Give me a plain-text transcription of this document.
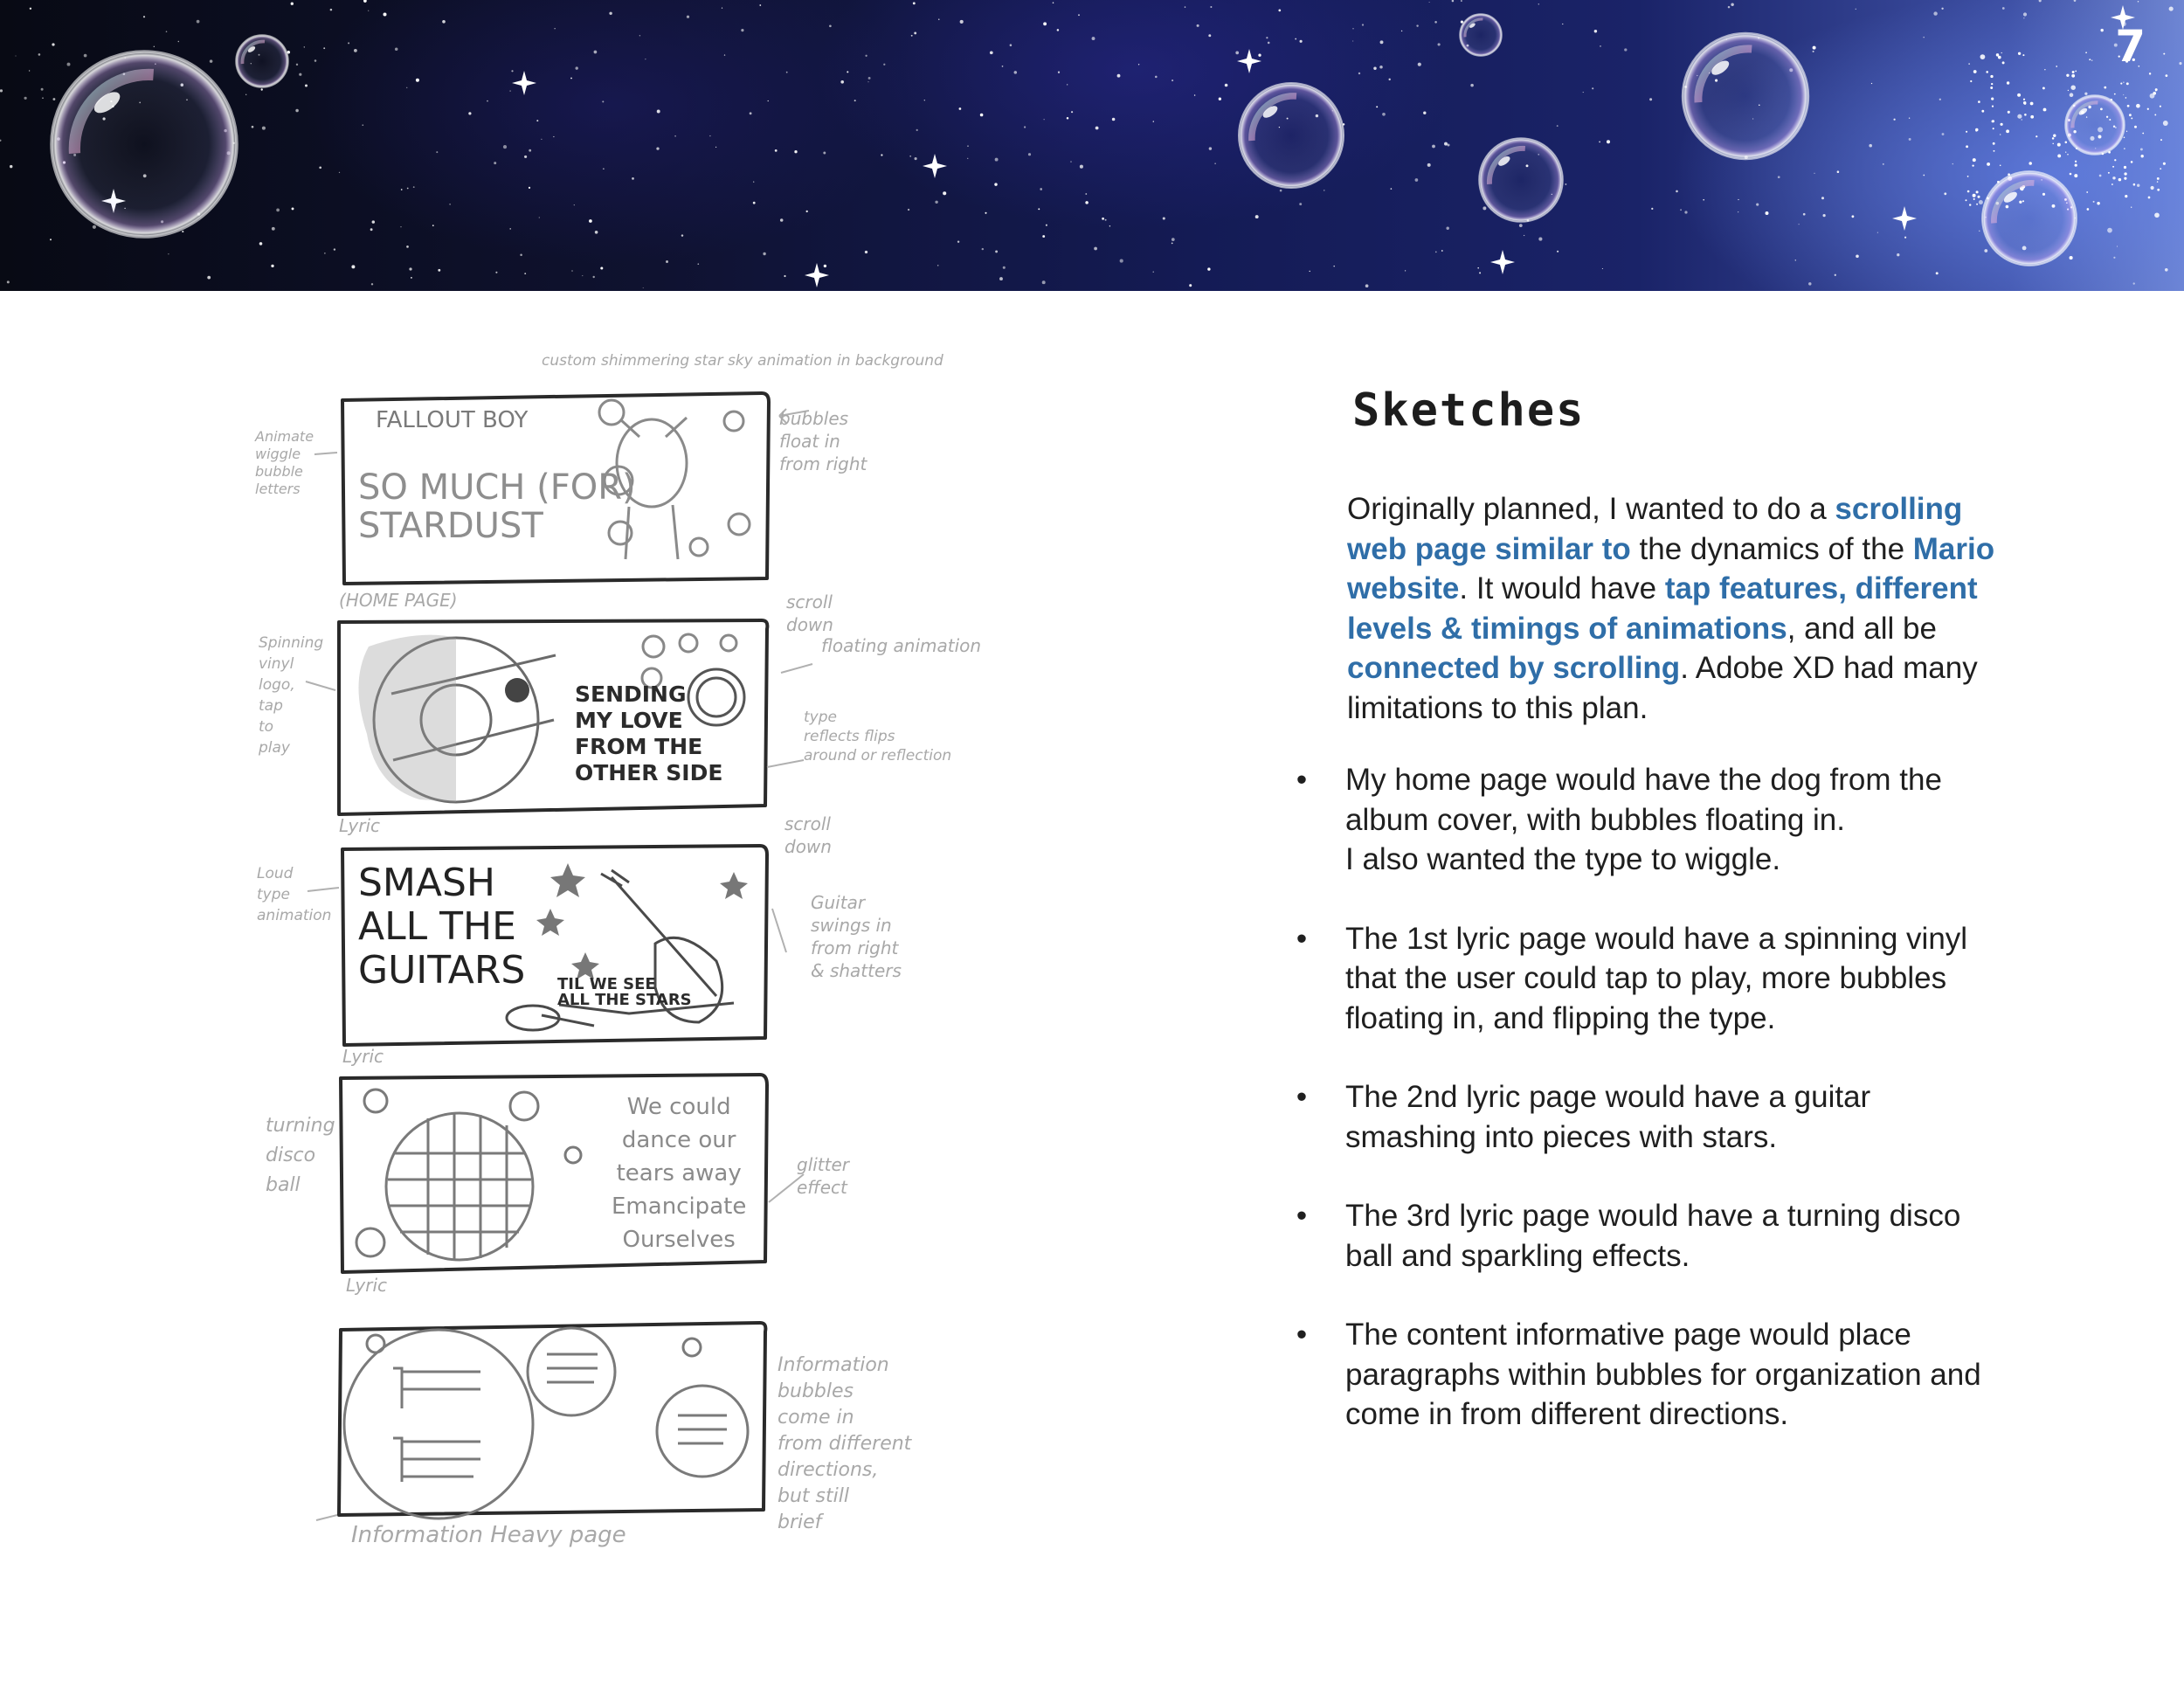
7
custom shimmering star sky animation in background
FALLOUT BOY
SO MUCH (FOR)
STARDUST
(HOME PAGE)
Animate
wiggle
bubble
letters
bubbles
float in
from right
scroll
down
SENDING
MY LOVE
FROM THE
OTHER SIDE
Lyric
Spinning
vinyl
logo,
tap
to
play
floating animation
type
reflects flips
around or reflection
scroll
down
SMASH
ALL THE
GUITARS TIL WE SEE
ALL THE STARS
Lyric
Loud
type
animation
Guitar
swings in
from right
& shatters
We could
dance our
tears away
Emancipate
Ourselves
Lyric
turning
disco
ball
glitter
effect
Information Heavy page
Information
bubbles
come in
from different
directions,
but still
brief
Sketches

Originally planned, I wanted to do a scrolling web page similar to the dynamics of the Mario website. It would have tap features, different levels & timings of animations, and all be connected by scrolling. Adobe XD had many limitations to this plan.

• My home page would have the dog from the album cover, with bubbles floating in.
I also wanted the type to wiggle.
• The 1st lyric page would have a spinning vinyl that the user could tap to play, more bubbles floating in, and flipping the type.
• The 2nd lyric page would have a guitar smashing into pieces with stars.
• The 3rd lyric page would have a turning disco ball and sparkling effects.
• The content informative page would place paragraphs within bubbles for organization and come in from different directions.
